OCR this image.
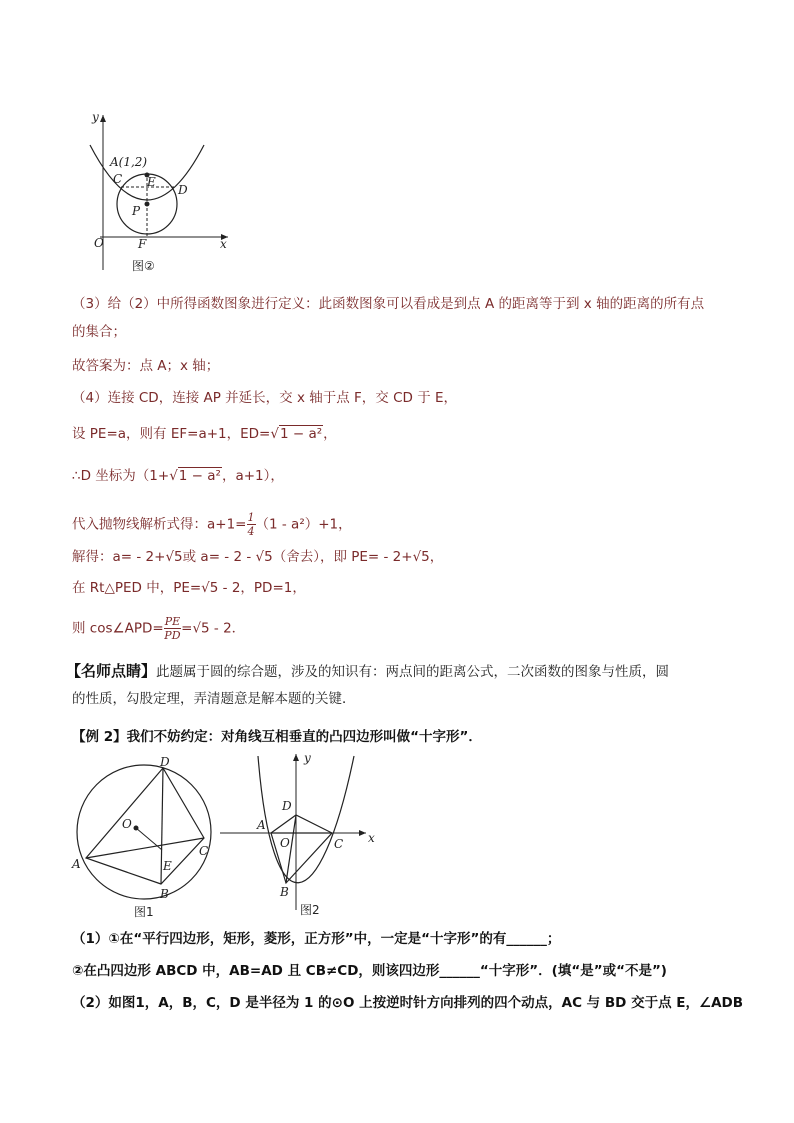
y
x
O
A(1,2)
C E
D
P
F
图②
（3）给（2）中所得函数图象进行定义：此函数图象可以看成是到点 A 的距离等于到 x 轴的距离的所有点
的集合；
故答案为：点 A；x 轴；
（4）连接 CD，连接 AP 并延长，交 x 轴于点 F，交 CD 于 E，
设 PE=a，则有 EF=a+1，ED=√1 − a²，
∴D 坐标为（1+√1 − a²，a+1），
代入抛物线解析式得：$a+1= \frac{1}{4} (1 - a^2)+1$，
解得：a= - 2+√5或 a= - 2 - √5（舍去），即 PE= - 2+√5，
在 Rt△PED 中，PE=√5 - 2，PD=1，
则 cos∠APD= $\frac{PE}{PD} =√5 - 2$．
【名师点睛】此题属于圆的综合题，涉及的知识有：两点间的距离公式，二次函数的图象与性质，圆
的性质，勾股定理，弄清题意是解本题的关键．
【例 2】我们不妨约定：对角线互相垂直的凸四边形叫做“十字形”．
D
O
A	E
C
B
图1
y
x
D
A
O	C
B
图2
（1）①在“平行四边形，矩形，菱形，正方形”中，一定是“十字形”的有______；
②在凸四边形 ABCD 中，AB=AD 且 CB≠CD，则该四边形______“十字形”．(填“是”或“不是”)
（2）如图1，A，B，C，D 是半径为 1 的⊙O 上按逆时针方向排列的四个动点，AC 与 BD 交于点 E，∠ADB
